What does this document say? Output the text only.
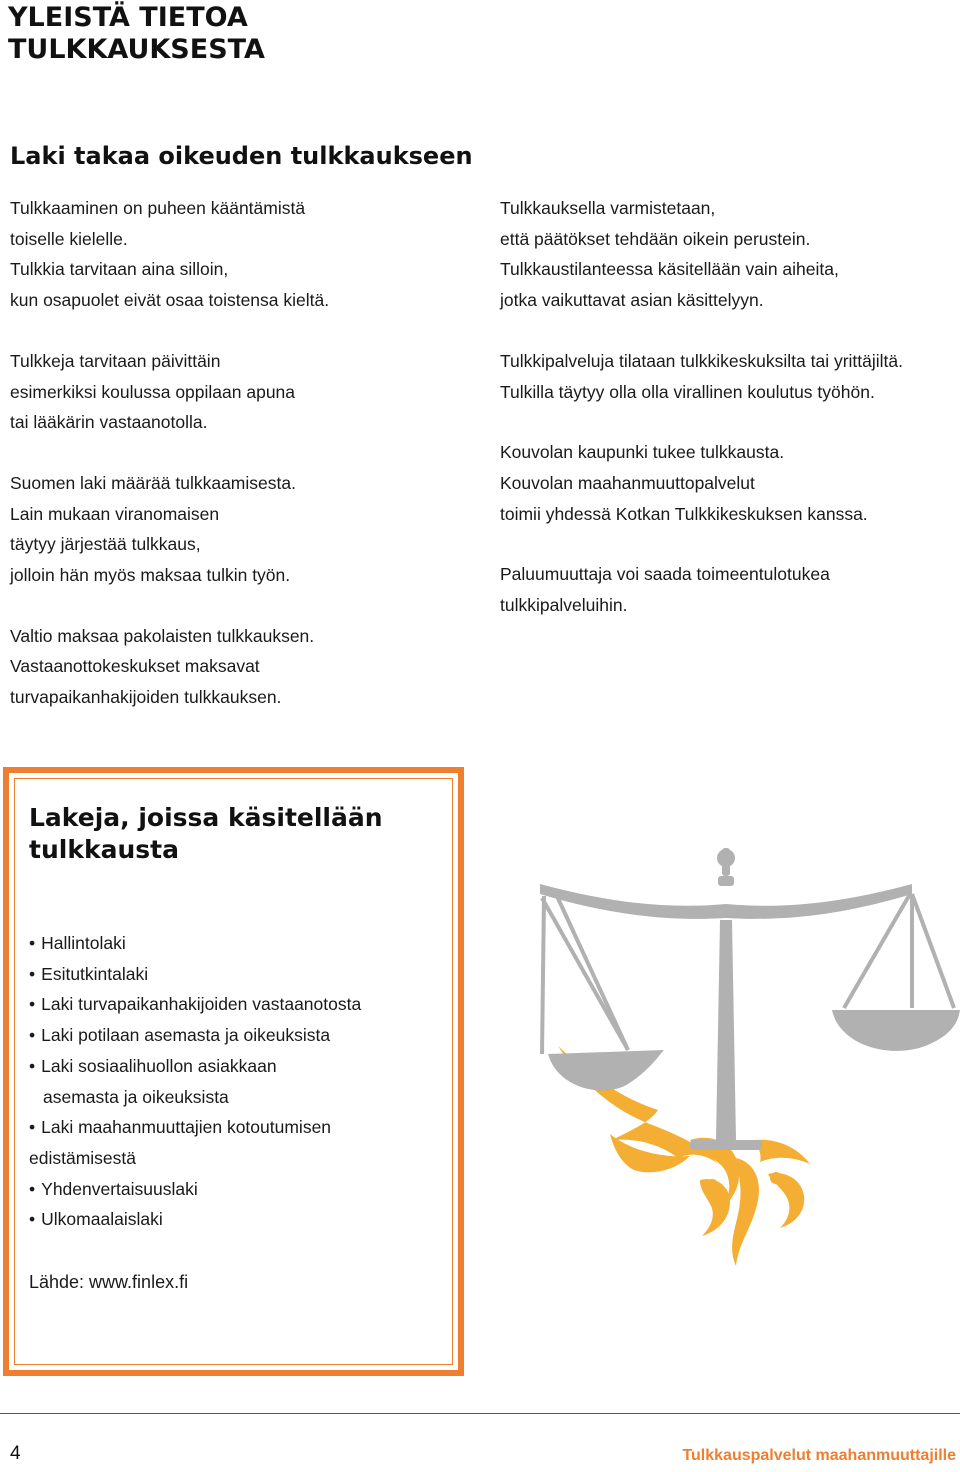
YLEISTÄ TIETOA
TULKKAUKSESTA
Laki takaa oikeuden tulkkaukseen

Tulkkaaminen on puheen kääntämistä
toiselle kielelle.
Tulkkia tarvitaan aina silloin,
kun osapuolet eivät osaa toistensa kieltä.

Tulkkeja tarvitaan päivittäin
esimerkiksi koulussa oppilaan apuna
tai lääkärin vastaanotolla.

Suomen laki määrää tulkkaamisesta.
Lain mukaan viranomaisen
täytyy järjestää tulkkaus,
jolloin hän myös maksaa tulkin työn.

Valtio maksaa pakolaisten tulkkauksen.
Vastaanottokeskukset maksavat
turvapaikanhakijoiden tulkkauksen.

Tulkkauksella varmistetaan,
että päätökset tehdään oikein perustein.
Tulkkaustilanteessa käsitellään vain aiheita,
jotka vaikuttavat asian käsittelyyn.

Tulkkipalveluja tilataan tulkkikeskuksilta tai yrittäjiltä.
Tulkilla täytyy olla olla virallinen koulutus työhön.

Kouvolan kaupunki tukee tulkkausta.
Kouvolan maahanmuuttopalvelut
toimii yhdessä Kotkan Tulkkikeskuksen kanssa.

Paluumuuttaja voi saada toimeentulotukea
tulkkipalveluihin.

Lakeja, joissa käsitellään
tulkkausta
• Hallintolaki
• Esitutkintalaki
• Laki turvapaikanhakijoiden vastaanotosta
• Laki potilaan asemasta ja oikeuksista
• Laki sosiaalihuollon asiakkaan
asemasta ja oikeuksista
• Laki maahanmuuttajien kotoutumisen
edistämisestä
• Yhdenvertaisuuslaki
• Ulkomaalaislaki

Lähde: www.finlex.fi

4	Tulkkauspalvelut maahanmuuttajille
